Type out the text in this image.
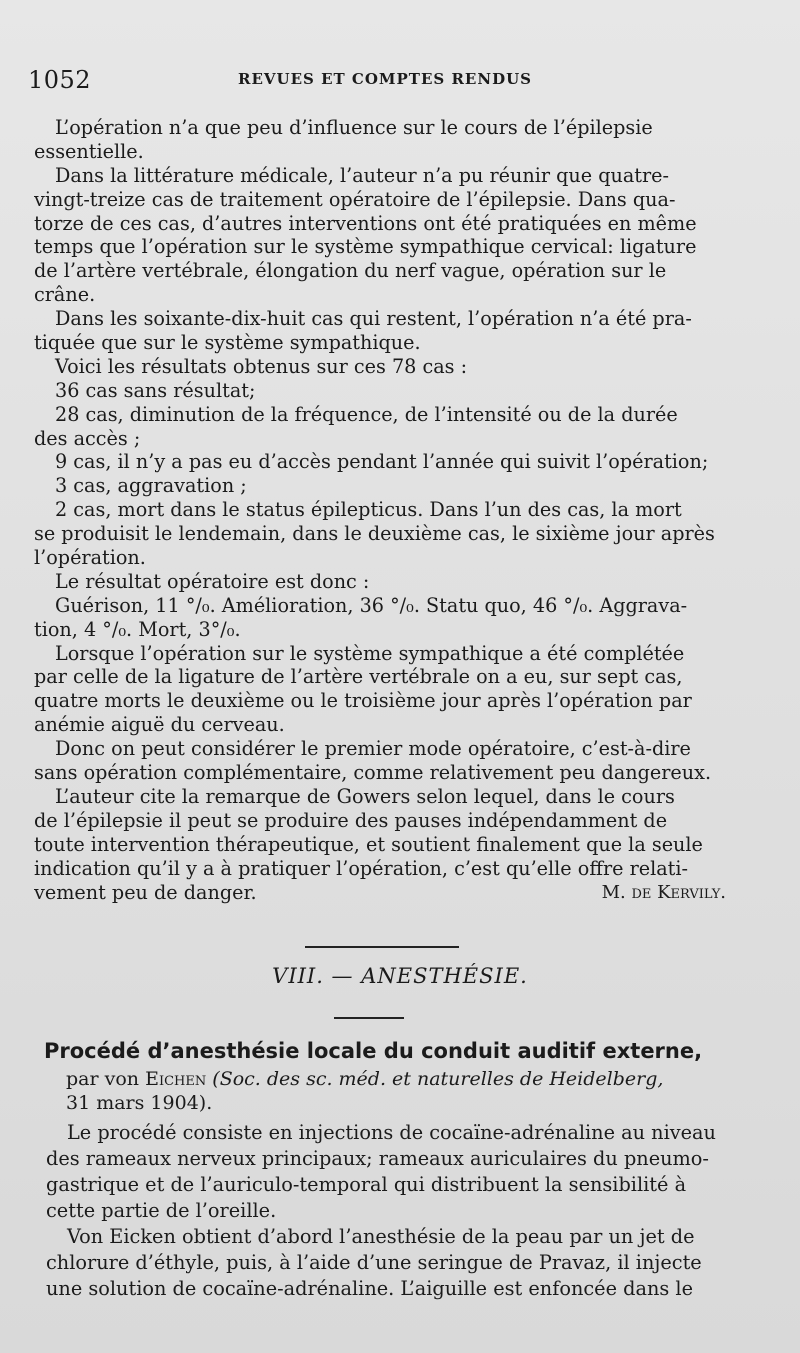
1052	REVUES ET COMPTES RENDUS
L’opération n’a que peu d’influence sur le cours de l’épilepsie
essentielle.
Dans la littérature médicale, l’auteur n’a pu réunir que quatre-
vingt-treize cas de traitement opératoire de l’épilepsie. Dans qua-
torze de ces cas, d’autres interventions ont été pratiquées en même
temps que l’opération sur le système sympathique cervical: ligature
de l’artère vertébrale, élongation du nerf vague, opération sur le
crâne.
Dans les soixante-dix-huit cas qui restent, l’opération n’a été pra-
tiquée que sur le système sympathique.
Voici les résultats obtenus sur ces 78 cas :
36 cas sans résultat;
28 cas, diminution de la fréquence, de l’intensité ou de la durée
des accès ;
9 cas, il n’y a pas eu d’accès pendant l’année qui suivit l’opération;
3 cas, aggravation ;
2 cas, mort dans le status épilepticus. Dans l’un des cas, la mort
se produisit le lendemain, dans le deuxième cas, le sixième jour après
l’opération.
Le résultat opératoire est donc :
Guérison, 11 °/₀. Amélioration, 36 °/₀. Statu quo, 46 °/₀. Aggrava-
tion, 4 °/₀. Mort, 3°/₀.
Lorsque l’opération sur le système sympathique a été complétée
par celle de la ligature de l’artère vertébrale on a eu, sur sept cas,
quatre morts le deuxième ou le troisième jour après l’opération par
anémie aiguë du cerveau.
Donc on peut considérer le premier mode opératoire, c’est-à-dire
sans opération complémentaire, comme relativement peu dangereux.
L’auteur cite la remarque de Gowers selon lequel, dans le cours
de l’épilepsie il peut se produire des pauses indépendamment de
toute intervention thérapeutique, et soutient finalement que la seule
indication qu’il y a à pratiquer l’opération, c’est qu’elle offre relati-
vement peu de danger.	M. de Kervily.
VIII. — ANESTHÉSIE.
Procédé d’anesthésie locale du conduit auditif externe,
par von Eichen (Soc. des sc. méd. et naturelles de Heidelberg,
31 mars 1904).
Le procédé consiste en injections de cocaïne-adrénaline au niveau
des rameaux nerveux principaux; rameaux auriculaires du pneumo-
gastrique et de l’auriculo-temporal qui distribuent la sensibilité à
cette partie de l’oreille.
Von Eicken obtient d’abord l’anesthésie de la peau par un jet de
chlorure d’éthyle, puis, à l’aide d’une seringue de Pravaz, il injecte
une solution de cocaïne-adrénaline. L’aiguille est enfoncée dans le
